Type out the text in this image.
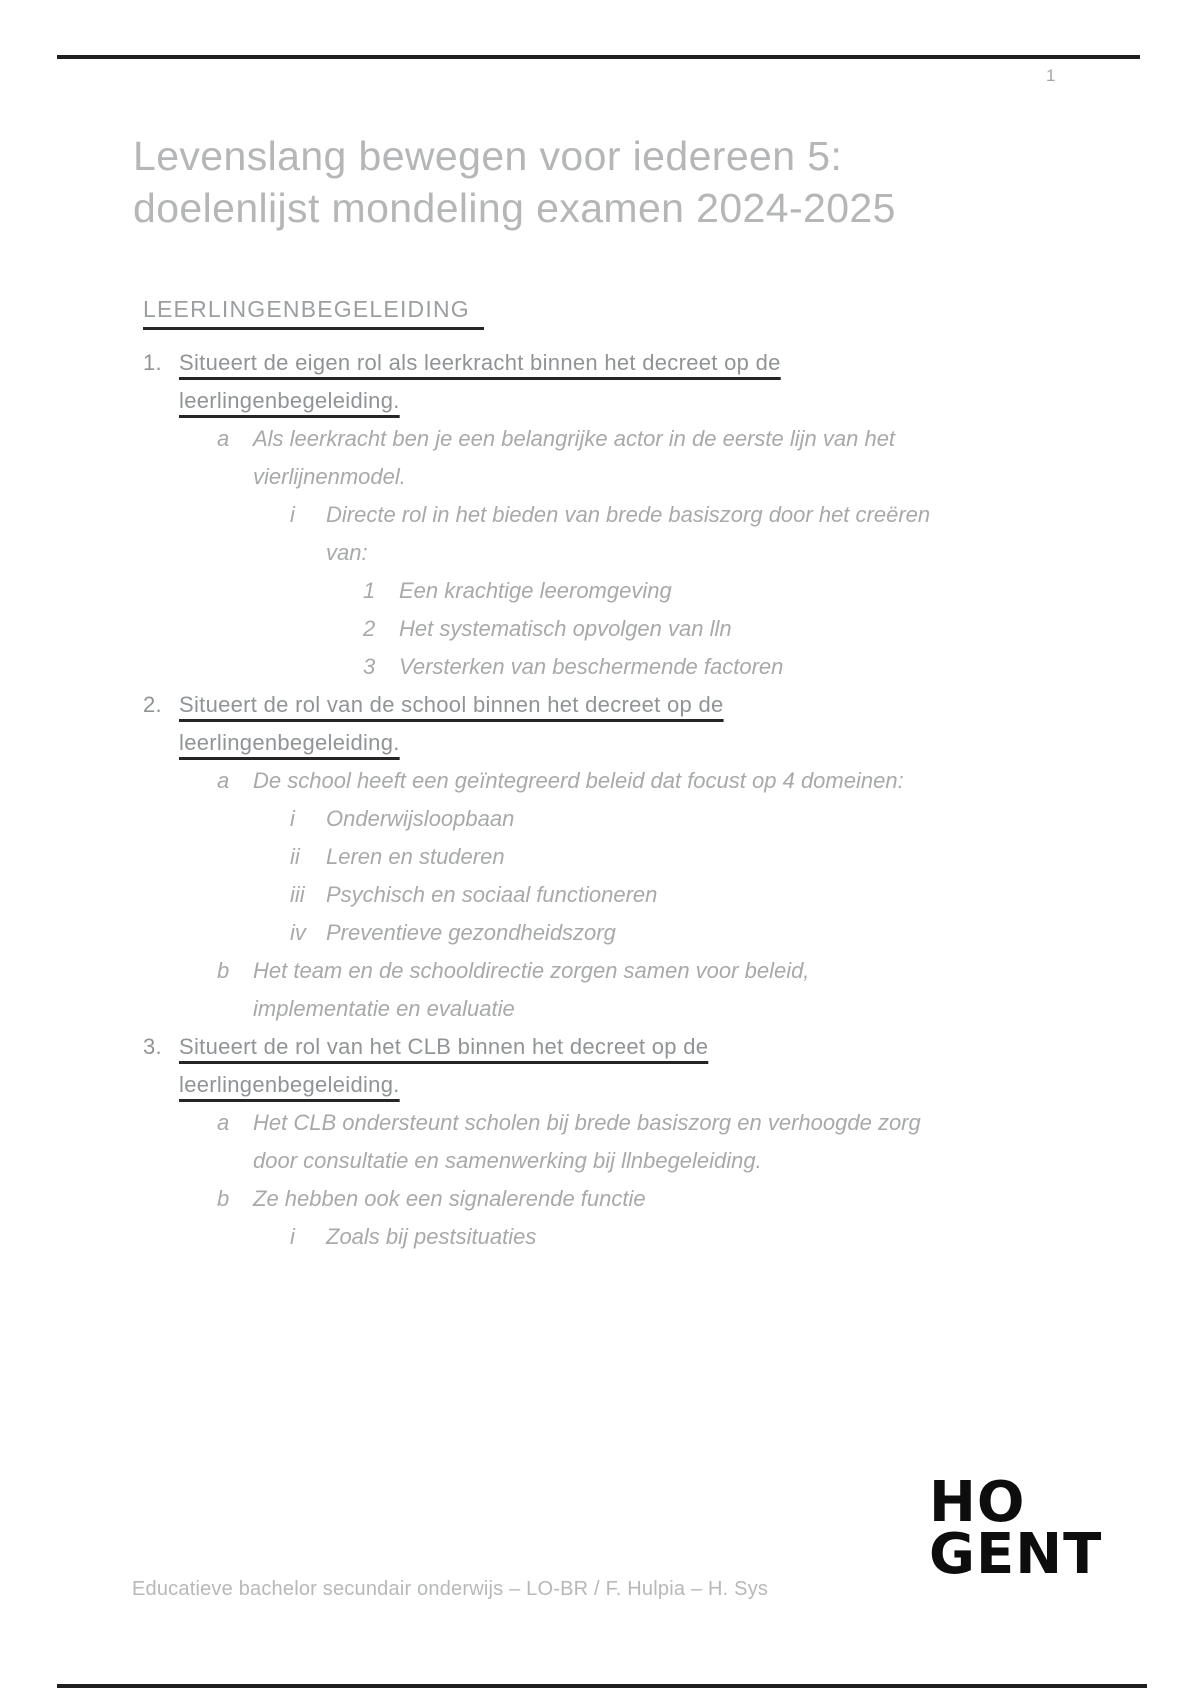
1
Levenslang bewegen voor iedereen 5:
doelenlijst mondeling examen 2024-2025
LEERLINGENBEGELEIDING
1. Situeert de eigen rol als leerkracht binnen het decreet op de
leerlingenbegeleiding.
a	Als leerkracht ben je een belangrijke actor in de eerste lijn van het
vierlijnenmodel.
i	Directe rol in het bieden van brede basiszorg door het creëren
van:
1	Een krachtige leeromgeving
2	Het systematisch opvolgen van lln
3	Versterken van beschermende factoren
2. Situeert de rol van de school binnen het decreet op de
leerlingenbegeleiding.
a	De school heeft een geïntegreerd beleid dat focust op 4 domeinen:
i	Onderwijsloopbaan
ii	Leren en studeren
iii Psychisch en sociaal functioneren
iv Preventieve gezondheidszorg
b	Het team en de schooldirectie zorgen samen voor beleid,
implementatie en evaluatie
3. Situeert de rol van het CLB binnen het decreet op de
leerlingenbegeleiding.
a	Het CLB ondersteunt scholen bij brede basiszorg en verhoogde zorg
door consultatie en samenwerking bij llnbegeleiding.
b	Ze hebben ook een signalerende functie
i	Zoals bij pestsituaties
HO
GENT
Educatieve bachelor secundair onderwijs – LO-BR / F. Hulpia – H. Sys
